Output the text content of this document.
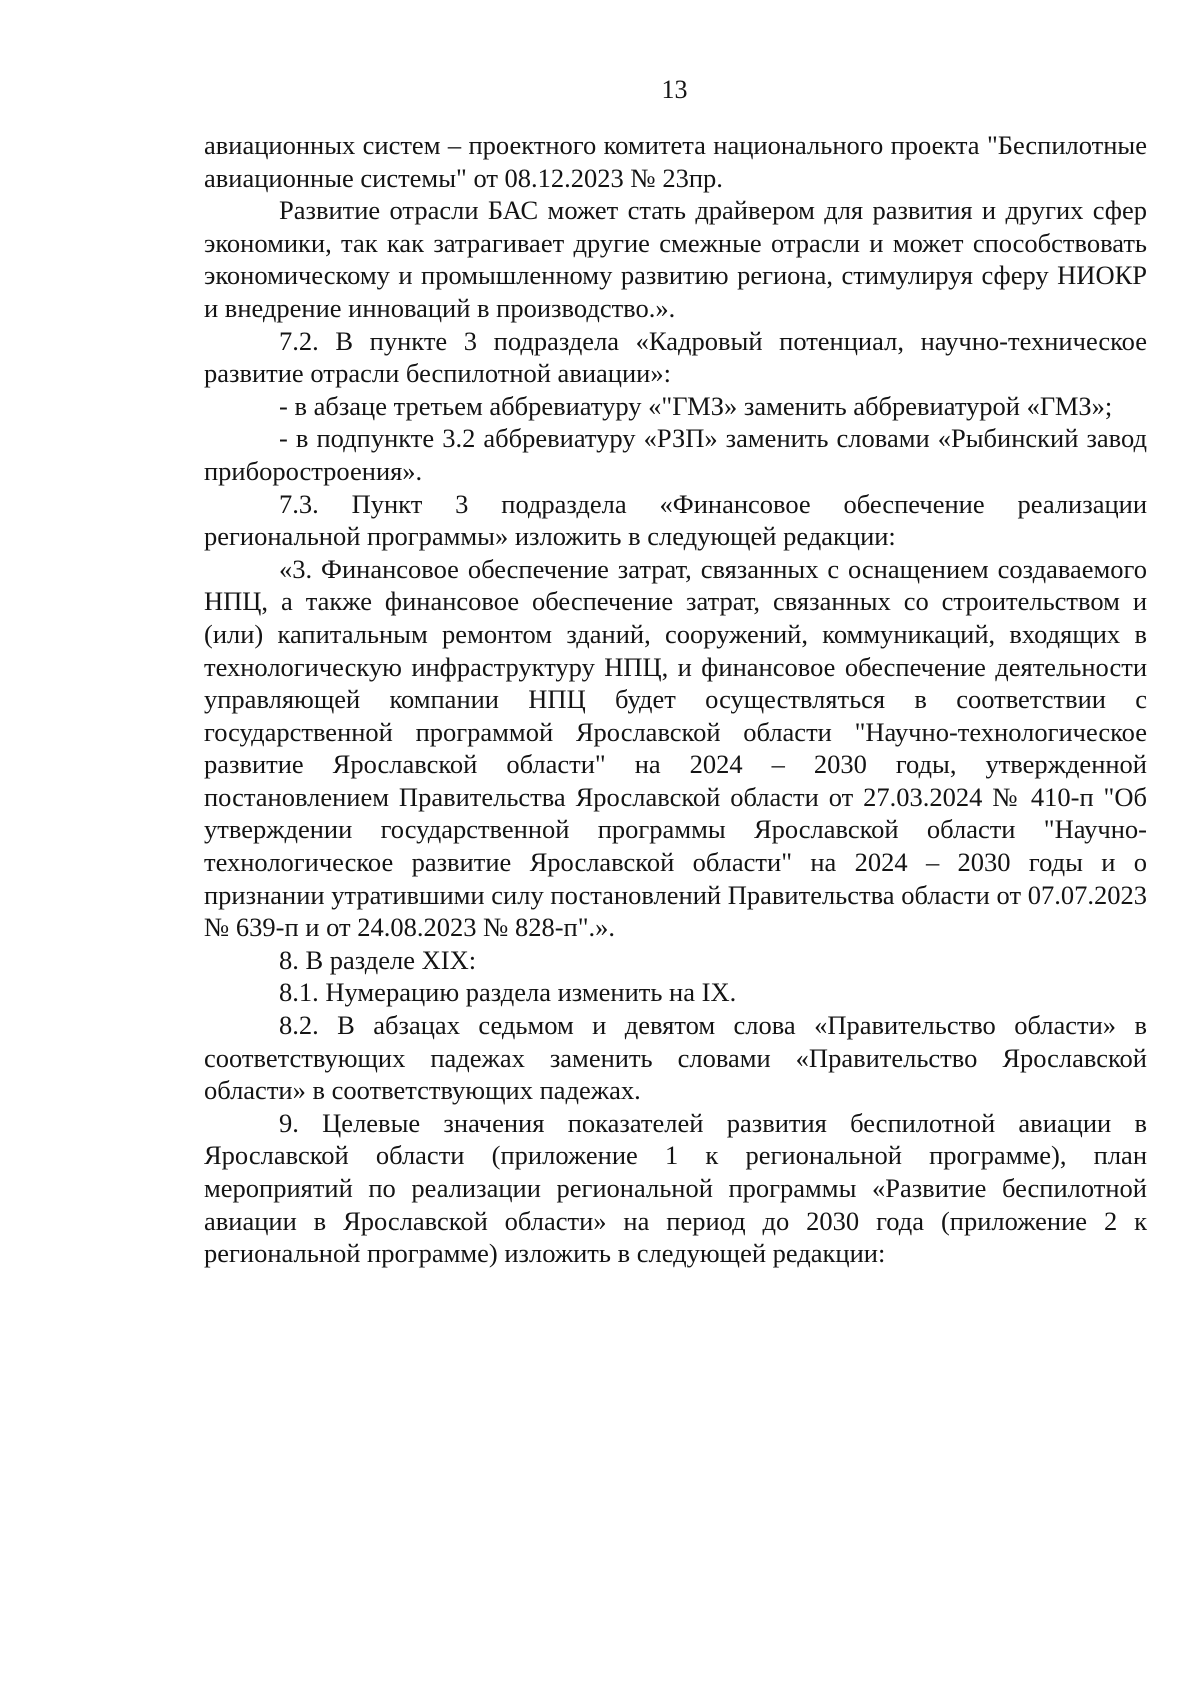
13

авиационных систем – проектного комитета национального проекта "Беспилотные авиационные системы" от 08.12.2023 № 23пр.

Развитие отрасли БАС может стать драйвером для развития и других сфер экономики, так как затрагивает другие смежные отрасли и может способствовать экономическому и промышленному развитию региона, стимулируя сферу НИОКР и внедрение инноваций в производство.».

7.2. В пункте 3 подраздела «Кадровый потенциал, научно-техническое развитие отрасли беспилотной авиации»:

- в абзаце третьем аббревиатуру «"ГМЗ» заменить аббревиатурой «ГМЗ»;

- в подпункте 3.2 аббревиатуру «РЗП» заменить словами «Рыбинский завод приборостроения».

7.3. Пункт 3 подраздела «Финансовое обеспечение реализации региональной программы» изложить в следующей редакции:

«3. Финансовое обеспечение затрат, связанных с оснащением создаваемого НПЦ, а также финансовое обеспечение затрат, связанных со строительством и (или) капитальным ремонтом зданий, сооружений, коммуникаций, входящих в технологическую инфраструктуру НПЦ, и финансовое обеспечение деятельности управляющей компании НПЦ будет осуществляться в соответствии с государственной программой Ярославской области "Научно-технологическое развитие Ярославской области" на 2024 – 2030 годы, утвержденной постановлением Правительства Ярославской области от 27.03.2024 № 410-п "Об утверждении государственной программы Ярославской области "Научно-технологическое развитие Ярославской области" на 2024 – 2030 годы и о признании утратившими силу постановлений Правительства области от 07.07.2023 № 639-п и от 24.08.2023 № 828-п".».

8. В разделе XIX:

8.1. Нумерацию раздела изменить на IX.

8.2. В абзацах седьмом и девятом слова «Правительство области» в соответствующих падежах заменить словами «Правительство Ярославской области» в соответствующих падежах.

9. Целевые значения показателей развития беспилотной авиации в Ярославской области (приложение 1 к региональной программе), план мероприятий по реализации региональной программы «Развитие беспилотной авиации в Ярославской области» на период до 2030 года (приложение 2 к региональной программе) изложить в следующей редакции:
